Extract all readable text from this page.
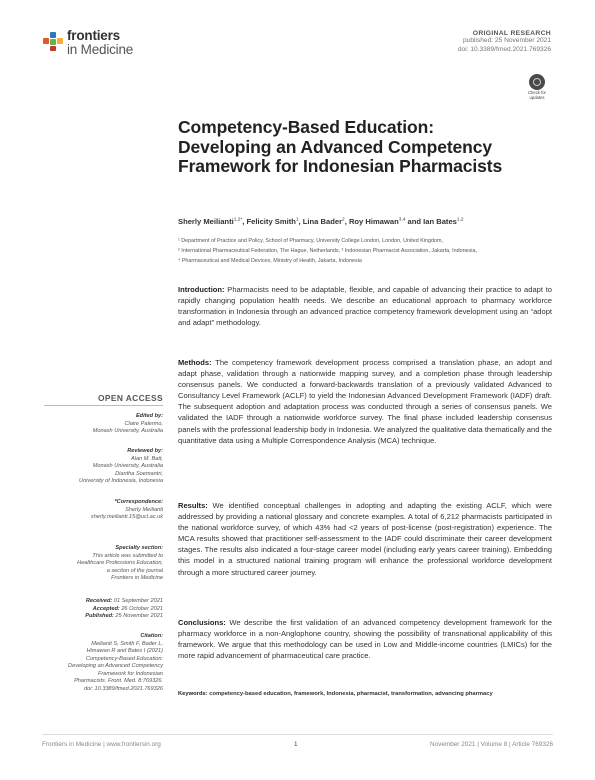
frontiers
in Medicine
ORIGINAL RESEARCH
published: 25 November 2021
doi: 10.3389/fmed.2021.769326
Check for updates
Competency-Based Education: Developing an Advanced Competency Framework for Indonesian Pharmacists
Sherly Meilianti$^{1,2*}$, Felicity Smith$^1$, Lina Bader$^2$, Roy Himawan$^{3,4}$ and Ian Bates$^{1,2}$
¹ Department of Practice and Policy, School of Pharmacy, University College London, London, United Kingdom,
² International Pharmaceutical Federation, The Hague, Netherlands, ³ Indonesian Pharmacist Association, Jakarta, Indonesia,
⁴ Pharmaceutical and Medical Devices, Ministry of Health, Jakarta, Indonesia
Introduction: Pharmacists need to be adaptable, flexible, and capable of advancing their practice to adapt to rapidly changing population health needs. We describe an educational approach to pharmacy workforce transformation in Indonesia through an advanced practice competency framework development using an “adopt and adapt” methodology.
Methods: The competency framework development process comprised a translation phase, an adopt and adapt phase, validation through a nationwide mapping survey, and a completion phase through leadership consensus panels. We conducted a forward-backwards translation of a previously validated Advanced to Consultancy Level Framework (ACLF) to yield the Indonesian Advanced Development Framework (IADF) draft. The subsequent adoption and adaptation process was conducted through a series of consensus panels. We validated the IADF through a nationwide workforce survey. The final phase included leadership consensus panels with the professional leadership body in Indonesia. We analyzed the qualitative data thematically and the quantitative data using a Multiple Correspondence Analysis (MCA) technique.
Results: We identified conceptual challenges in adopting and adapting the existing ACLF, which were addressed by providing a national glossary and concrete examples. A total of 6,212 pharmacists participated in the national workforce survey, of which 43% had <2 years of post-license (post-registration) experience. The MCA results showed that practitioner self-assessment to the IADF could discriminate their career development stages. The results also indicated a four-stage career model (including early years career training). Embedding this model in a structured national training program will enhance the professional workforce development through a more structured career journey.
Conclusions: We describe the first validation of an advanced competency development framework for the pharmacy workforce in a non-Anglophone country, showing the possibility of transnational applicability of this framework. We argue that this methodology can be used in Low and Middle-income countries (LMICs) for the more rapid advancement of pharmaceutical care practice.
Keywords: competency-based education, framework, Indonesia, pharmacist, transformation, advancing pharmacy
OPEN ACCESS
Edited by:
Claire Palermo,
Monash University, Australia
Reviewed by:
Alan M. Batt,
Monash University, Australia
Diantha Soemantri,
University of Indonesia, Indonesia
*Correspondence:
Sherly Meilianti
sherly.meilianti.15@ucl.ac.uk
Specialty section:
This article was submitted to
Healthcare Professions Education,
a section of the journal
Frontiers in Medicine
Received: 01 September 2021
Accepted: 26 October 2021
Published: 25 November 2021
Citation:
Meilianti S, Smith F, Bader L,
Himawan R and Bates I (2021)
Competency-Based Education:
Developing an Advanced Competency
Framework for Indonesian
Pharmacists. Front. Med. 8:769326.
doi: 10.3389/fmed.2021.769326
Frontiers in Medicine | www.frontiersin.org	1	November 2021 | Volume 8 | Article 769326
